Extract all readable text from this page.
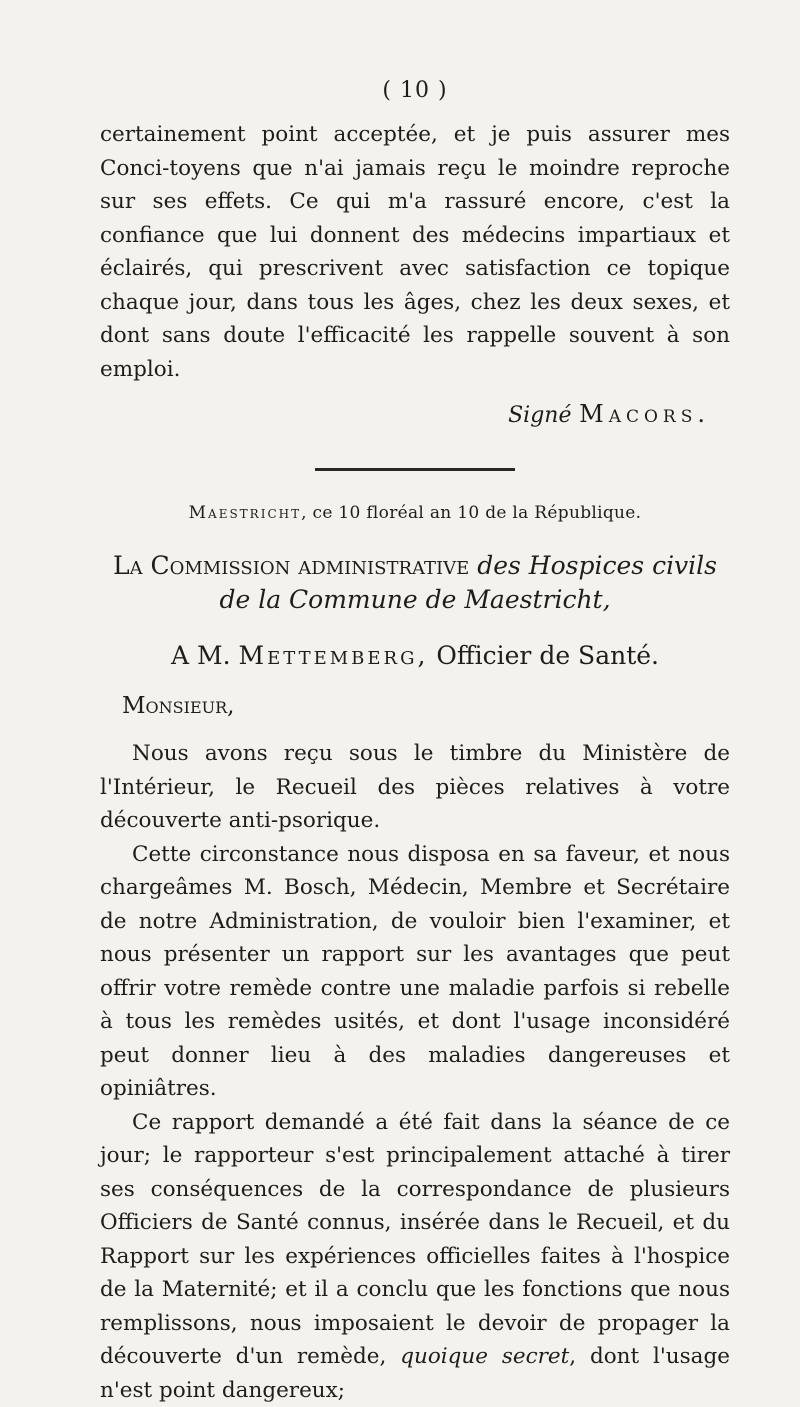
( 10 )

certainement point acceptée, et je puis assurer mes Conci-toyens que n'ai jamais reçu le moindre reproche sur ses effets. Ce qui m'a rassuré encore, c'est la confiance que lui donnent des médecins impartiaux et éclairés, qui prescrivent avec satisfaction ce topique chaque jour, dans tous les âges, chez les deux sexes, et dont sans doute l'efficacité les rappelle souvent à son emploi.

Signé Macors.
Maestricht, ce 10 floréal an 10 de la République.
La Commission administrative des Hospices civils de la Commune de Maestricht,
A M. Mettemberg, Officier de Santé.
Monsieur,

Nous avons reçu sous le timbre du Ministère de l'Intérieur, le Recueil des pièces relatives à votre découverte anti-psorique.

Cette circonstance nous disposa en sa faveur, et nous chargeâmes M. Bosch, Médecin, Membre et Secrétaire de notre Administration, de vouloir bien l'examiner, et nous présenter un rapport sur les avantages que peut offrir votre remède contre une maladie parfois si rebelle à tous les remèdes usités, et dont l'usage inconsidéré peut donner lieu à des maladies dangereuses et opiniâtres.

Ce rapport demandé a été fait dans la séance de ce jour; le rapporteur s'est principalement attaché à tirer ses conséquences de la correspondance de plusieurs Officiers de Santé connus, insérée dans le Recueil, et du Rapport sur les expériences officielles faites à l'hospice de la Maternité; et il a conclu que les fonctions que nous remplissons, nous imposaient le devoir de propager la découverte d'un remède, quoique secret, dont l'usage n'est point dangereux;
